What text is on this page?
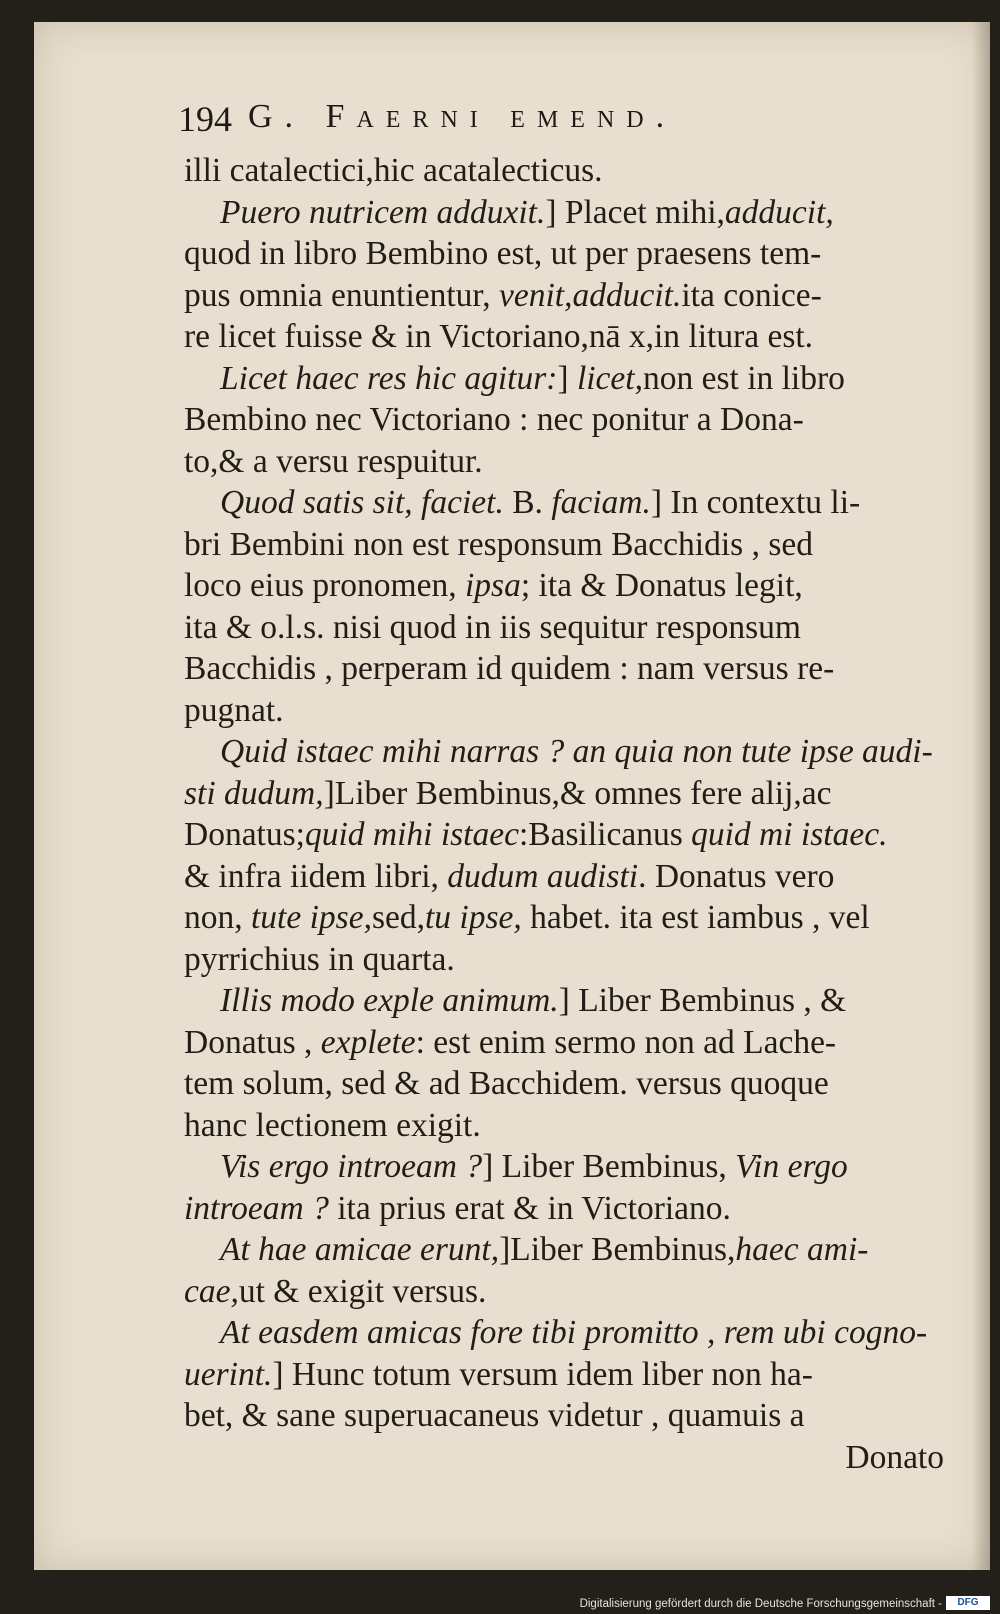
194 G. Faerni emend.
illi catalectici,hic acatalecticus.
Puero nutricem adduxit.] Placet mihi,adducit,
quod in libro Bembino est, ut per praesens tem-
pus omnia enuntientur, venit,adducit.ita conice-
re licet fuisse & in Victoriano,nā x,in litura est.
Licet haec res hic agitur:] licet,non est in libro
Bembino nec Victoriano : nec ponitur a Dona-
to,& a versu respuitur.
Quod satis sit, faciet. B. faciam.] In contextu li-
bri Bembini non est responsum Bacchidis , sed
loco eius pronomen, ipsa; ita & Donatus legit,
ita & o.l.s. nisi quod in iis sequitur responsum
Bacchidis , perperam id quidem : nam versus re-
pugnat.
Quid istaec mihi narras ? an quia non tute ipse audi-
sti dudum,]Liber Bembinus,& omnes fere alij,ac
Donatus;quid mihi istaec:Basilicanus quid mi istaec.
& infra iidem libri, dudum audisti. Donatus vero
non, tute ipse,sed,tu ipse, habet. ita est iambus , vel
pyrrichius in quarta.
Illis modo exple animum.] Liber Bembinus , &
Donatus , explete: est enim sermo non ad Lache-
tem solum, sed & ad Bacchidem. versus quoque
hanc lectionem exigit.
Vis ergo introeam ?] Liber Bembinus, Vin ergo
introeam ? ita prius erat & in Victoriano.
At hae amicae erunt,]Liber Bembinus,haec ami-
cae,ut & exigit versus.
At easdem amicas fore tibi promitto , rem ubi cogno-
uerint.] Hunc totum versum idem liber non ha-
bet, & sane superuacaneus videtur , quamuis a
Donato
Digitalisierung gefördert durch die Deutsche Forschungsgemeinschaft -	DFG
